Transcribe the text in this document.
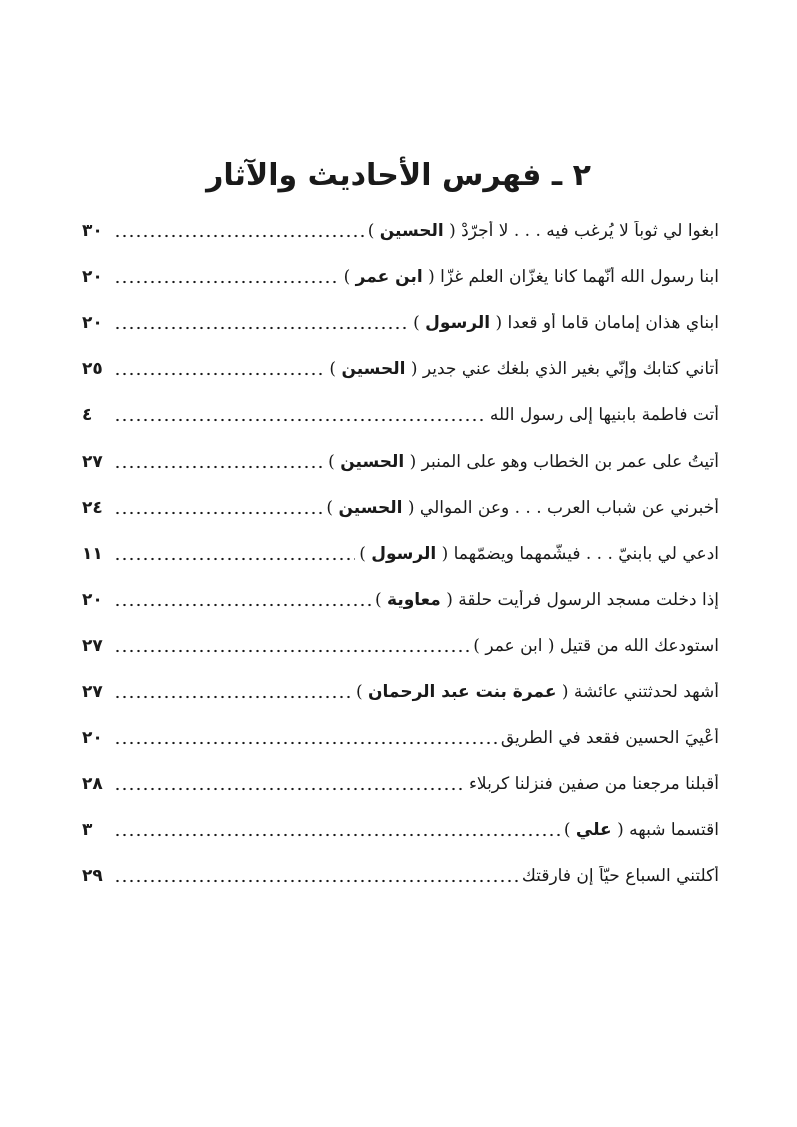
٢ ـ فهرس الأحاديث والآثار
ابغوا لي ثوباً لا يُرغب فيه . . . لا أُجرّدْ ( الحسين )
٣٠
ابنا رسول الله أنّهما كانا يغزّان العلم غزّا ( ابن عمر )
٢٠
ابناي هذان إمامان قاما أو قعدا ( الرسول )
٢٠
أتاني كتابك وإنّي بغير الذي بلغك عني جدير ( الحسين )
٢٥
أتت فاطمة بابنيها إلى رسول الله
٤
أتيتُ على عمر بن الخطاب وهو على المنبر ( الحسين )
٢٧
أخبرني عن شباب العرب . . . وعن الموالي ( الحسين )
٢٤
ادعي لي بابنيّ . . . فيشّمهما ويضمّهما ( الرسول )
١١
إذا دخلت مسجد الرسول فرأيت حلقة ( معاوية )
٢٠
استودعك الله من قتيل ( ابن عمر )
٢٧
أشهد لحدثتني عائشة ( عمرة بنت عبد الرحمان )
٢٧
أعْييَ الحسين فقعد في الطريق
٢٠
أقبلنا مرجعنا من صفين فنزلنا كربلاء
٢٨
اقتسما شبهه ( علي )
٣
أكلتني السباع حيّاً إن فارقتك
٢٩
